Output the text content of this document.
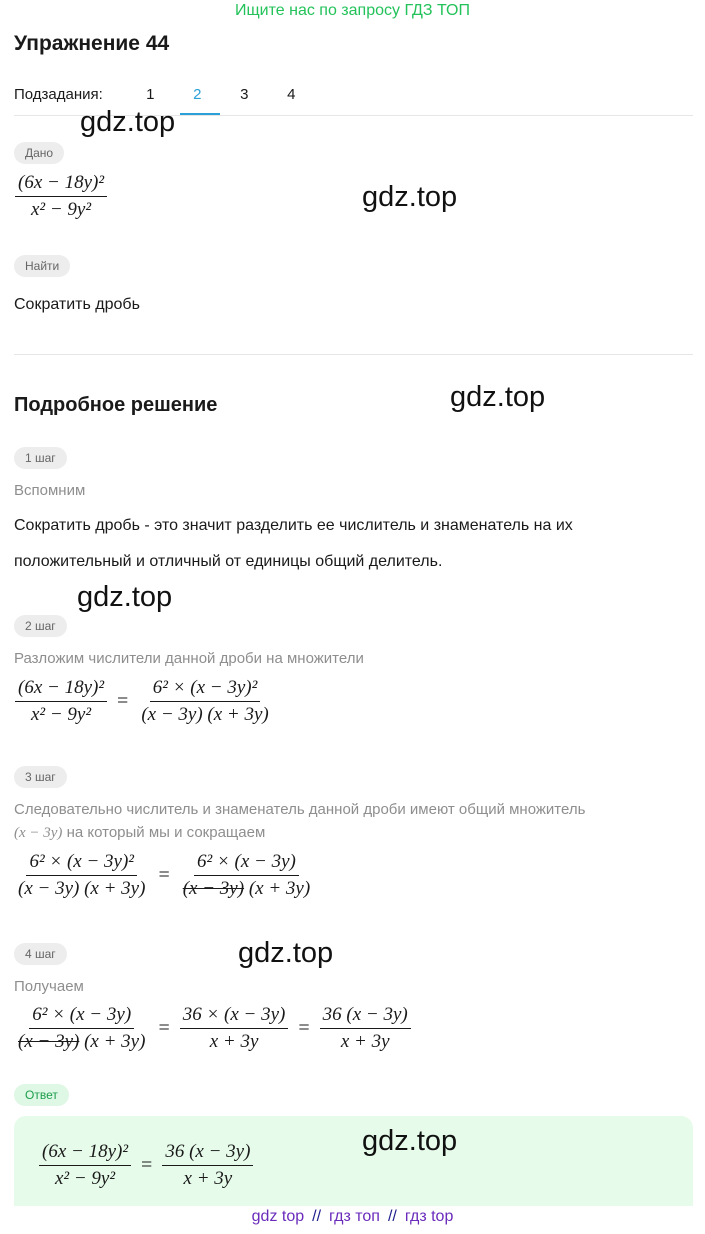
Ищите нас по запросу ГДЗ ТОП
Упражнение 44
Подзадания:	1	2	3	4
Дано
$\frac{\text{(6x − 18y)²}}{\text{x² − 9y²}}$
Найти
Сократить дробь
Подробное решение
1 шаг
Вспомним
Сократить дробь - это значит разделить ее числитель и знаменатель на их
положительный и отличный от единицы общий делитель.
2 шаг
Разложим числители данной дроби на множители
$\frac{\text{(6x − 18y)²}}{\text{x² − 9y²}} = \frac{\text{6² × (x − 3y)²}}{(x - 3y) (x + 3y)}$
3 шаг
Следовательно числитель и знаменатель данной дроби имеют общий множитель
(x − 3y) на который мы и сокращаем
$\frac{\text{6² × (x − 3y)²}}{(x - 3y) (x + 3y)} = \frac{\text{6² × (x − 3y)}}{(x - 3y) (x + 3y)}$
4 шаг
Получаем
$\frac{\text{6² × (x − 3y)}}{(x - 3y) (x + 3y)} = \frac{36 \times (x - 3y)}{x + 3y} = \frac{36 (x - 3y)}{x + 3y}$
Ответ
$\frac{\text{(6x − 18y)²}}{\text{x² − 9y²}} = \frac{36 (x - 3y)}{x + 3y}$
gdz.top
gdz.top
gdz.top
gdz.top
gdz.top
gdz.top
gdz top // гдз топ // гдз top
